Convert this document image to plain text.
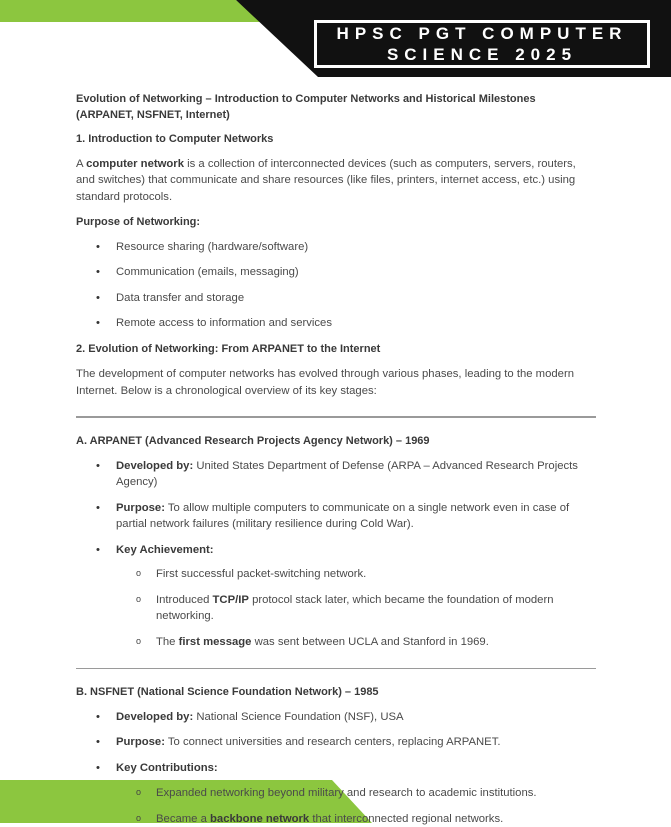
HPSC PGT COMPUTER
SCIENCE 2025
Evolution of Networking – Introduction to Computer Networks and Historical Milestones (ARPANET, NSFNET, Internet)
1. Introduction to Computer Networks
A computer network is a collection of interconnected devices (such as computers, servers, routers, and switches) that communicate and share resources (like files, printers, internet access, etc.) using standard protocols.
Purpose of Networking:
• Resource sharing (hardware/software)
• Communication (emails, messaging)
• Data transfer and storage
• Remote access to information and services
2. Evolution of Networking: From ARPANET to the Internet
The development of computer networks has evolved through various phases, leading to the modern Internet. Below is a chronological overview of its key stages:
A. ARPANET (Advanced Research Projects Agency Network) – 1969
• Developed by: United States Department of Defense (ARPA – Advanced Research Projects Agency)
• Purpose: To allow multiple computers to communicate on a single network even in case of partial network failures (military resilience during Cold War).
• Key Achievement:
o First successful packet-switching network.
o Introduced TCP/IP protocol stack later, which became the foundation of modern networking.
o The first message was sent between UCLA and Stanford in 1969.
B. NSFNET (National Science Foundation Network) – 1985
• Developed by: National Science Foundation (NSF), USA
• Purpose: To connect universities and research centers, replacing ARPANET.
• Key Contributions:
o Expanded networking beyond military and research to academic institutions.
o Became a backbone network that interconnected regional networks.
